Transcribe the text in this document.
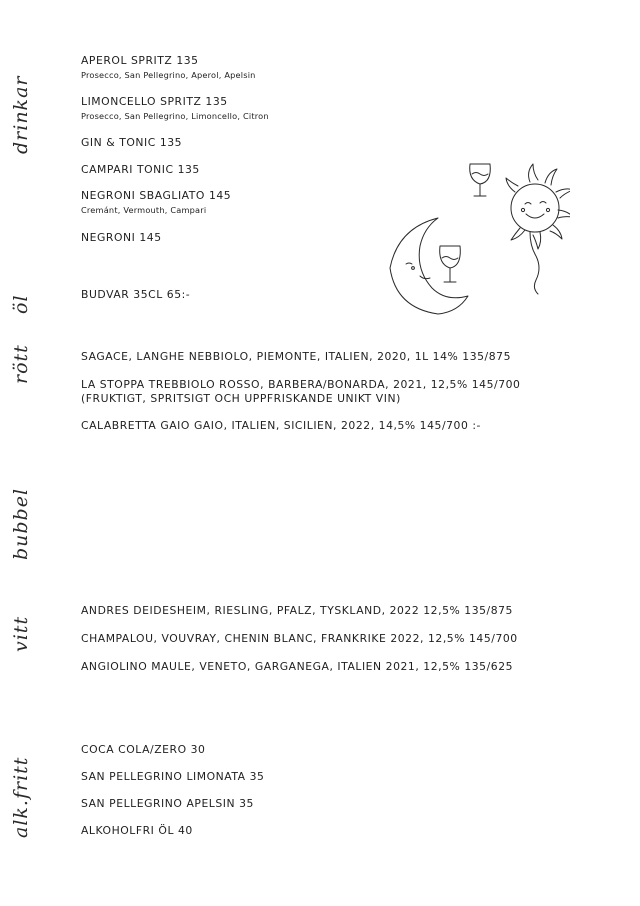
drinkar
öl
rött
bubbel
vitt
alk.fritt
APEROL SPRITZ 135
Prosecco, San Pellegrino, Aperol, Apelsin
LIMONCELLO SPRITZ 135
Prosecco, San Pellegrino, Limoncello, Citron
GIN & TONIC 135
CAMPARI TONIC 135
NEGRONI SBAGLIATO 145
Cremánt, Vermouth, Campari
NEGRONI 145
BUDVAR 35CL 65:-
SAGACE, LANGHE NEBBIOLO, PIEMONTE, ITALIEN, 2020, 1L 14% 135/875
LA STOPPA TREBBIOLO ROSSO, BARBERA/BONARDA, 2021, 12,5% 145/700
(FRUKTIGT, SPRITSIGT OCH UPPFRISKANDE UNIKT VIN)
CALABRETTA GAIO GAIO, ITALIEN, SICILIEN, 2022, 14,5% 145/700 :-
ANDRES DEIDESHEIM, RIESLING, PFALZ, TYSKLAND, 2022 12,5% 135/875
CHAMPALOU, VOUVRAY, CHENIN BLANC, FRANKRIKE 2022, 12,5% 145/700
ANGIOLINO MAULE, VENETO, GARGANEGA, ITALIEN 2021, 12,5% 135/625
COCA COLA/ZERO 30
SAN PELLEGRINO LIMONATA 35
SAN PELLEGRINO APELSIN 35
ALKOHOLFRI ÖL 40
